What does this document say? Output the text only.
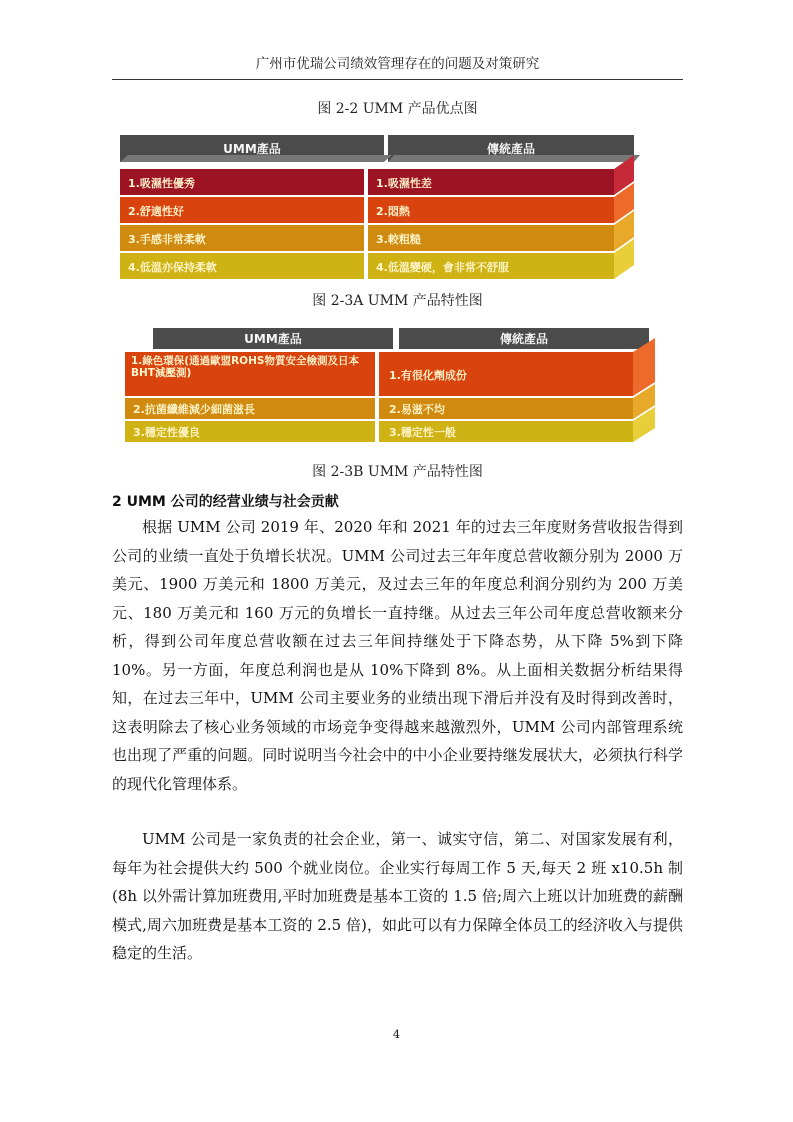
广州市优瑞公司绩效管理存在的问题及对策研究
图 2-2 UMM 产品优点图
UMM產品	傳統產品
1.吸濕性優秀	1.吸濕性差
2.舒適性好	2.悶熱
3.手感非常柔軟	3.較粗糙
4.低溫亦保持柔軟	4.低溫變硬，會非常不舒服
图 2-3A UMM 产品特性图
UMM產品	傳統產品
1.綠色環保(通過歐盟ROHS物質安全檢測及日本BHT減壓測)	1.有很化劑成份
2.抗菌纖維減少細菌滋長	2.易滋不均
3.穩定性優良	3.穩定性一般
图 2-3B UMM 产品特性图
2 UMM 公司的经营业绩与社会贡献

根据 UMM 公司 2019 年、2020 年和 2021 年的过去三年度财务营收报告得到公司的业绩一直处于负增长状况。UMM 公司过去三年年度总营收额分别为 2000 万美元、1900 万美元和 1800 万美元，及过去三年的年度总利润分别约为 200 万美元、180 万美元和 160 万元的负增长一直持继。从过去三年公司年度总营收额来分析，得到公司年度总营收额在过去三年间持继处于下降态势，从下降 5%到下降 10%。另一方面，年度总利润也是从 10%下降到 8%。从上面相关数据分析结果得知，在过去三年中，UMM 公司主要业务的业绩出现下滑后并没有及时得到改善时，这表明除去了核心业务领域的市场竞争变得越来越激烈外，UMM 公司内部管理系统也出现了严重的问题。同时说明当今社会中的中小企业要持继发展状大，必须执行科学的现代化管理体系。

UMM 公司是一家负责的社会企业，第一、诚实守信，第二、对国家发展有利，每年为社会提供大约 500 个就业岗位。企业实行每周工作 5 天,每天 2 班 x10.5h 制(8h 以外需计算加班费用,平时加班费是基本工资的 1.5 倍;周六上班以计加班费的薪酬模式,周六加班费是基本工资的 2.5 倍)，如此可以有力保障全体员工的经济收入与提供稳定的生活。

4
